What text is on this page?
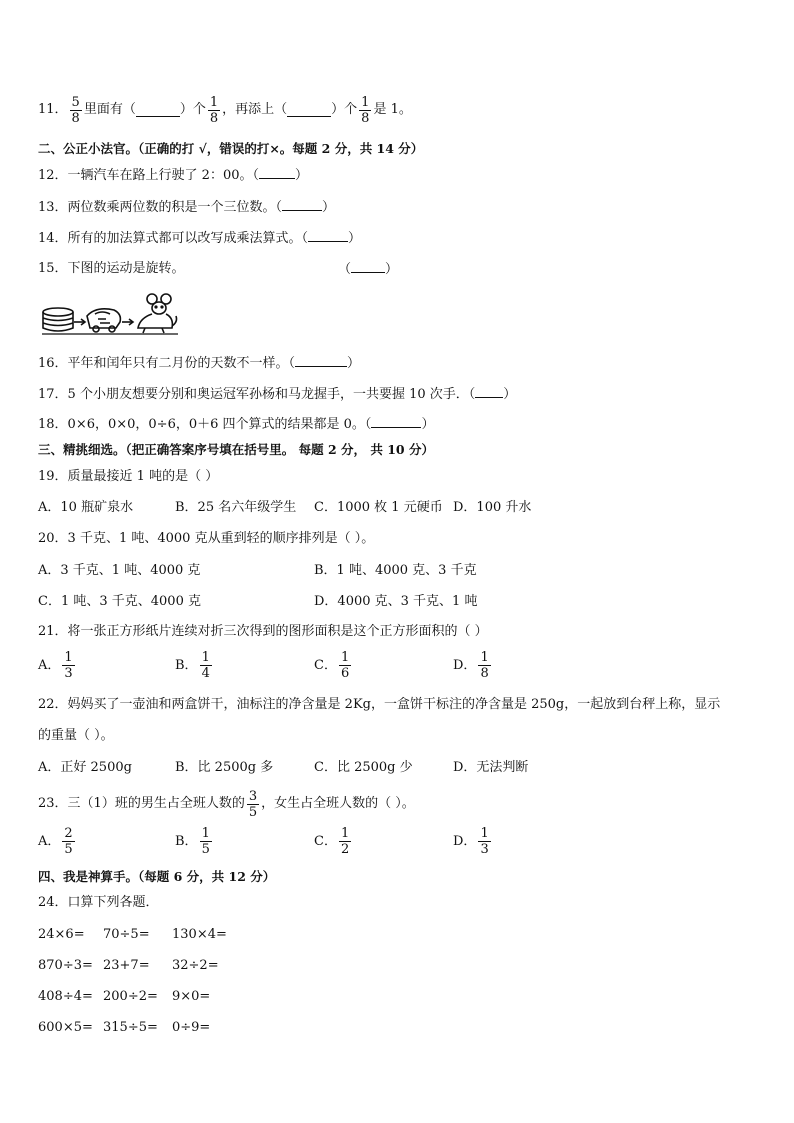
11． $\frac{5}{8}$ 里面有（	）个 $\frac{1}{8}$ ，再添上（	）个 $\frac{1}{8}$ 是 1。
二、公正小法官。（正确的打 √，错误的打×。每题 2 分，共 14 分）
12．一辆汽车在路上行驶了 2：00。（	）
13．两位数乘两位数的积是一个三位数。（	）
14．所有的加法算式都可以改写成乘法算式。（	）
15．下图的运动是旋转。	（	）
16．平年和闰年只有二月份的天数不一样。（	）
17．5 个小朋友想要分别和奥运冠军孙杨和马龙握手，一共要握 10 次手．（ ）
18．0×6，0×0，0÷6，0＋6 四个算式的结果都是 0。（	）
三、精挑细选。（把正确答案序号填在括号里。 每题 2 分， 共 10 分）
19．质量最接近 1 吨的是（ ）
A．10 瓶矿泉水	B．25 名六年级学生 C．1000 枚 1 元硬币 D．100 升水
20．3 千克、1 吨、4000 克从重到轻的顺序排列是（ ）。
A．3 千克、1 吨、4000 克	B．1 吨、4000 克、3 千克
C．1 吨、3 千克、4000 克	D．4000 克、3 千克、1 吨
21．将一张正方形纸片连续对折三次得到的图形面积是这个正方形面积的（ ）
A． $\frac{1}{3}$	B． $\frac{1}{4}$	C． $\frac{1}{6}$	D． $\frac{1}{8}$
22．妈妈买了一壶油和两盒饼干，油标注的净含量是 2Kg，一盒饼干标注的净含量是 250g，一起放到台秤上称，显示
的重量（ ）。
A．正好 2500g	B．比 2500g 多	C．比 2500g 少	D．无法判断
23．三（1）班的男生占全班人数的 $\frac{3}{5}$ ，女生占全班人数的（ ）。
A． $\frac{2}{5}$	B． $\frac{1}{5}$	C． $\frac{1}{2}$	D． $\frac{1}{3}$
四、我是神算手。（每题 6 分，共 12 分）
24．口算下列各题．
24×6= 70÷5= 130×4=
870÷3= 23+7= 32÷2=
408÷4= 200÷2= 9×0=
600×5= 315÷5= 0÷9=
